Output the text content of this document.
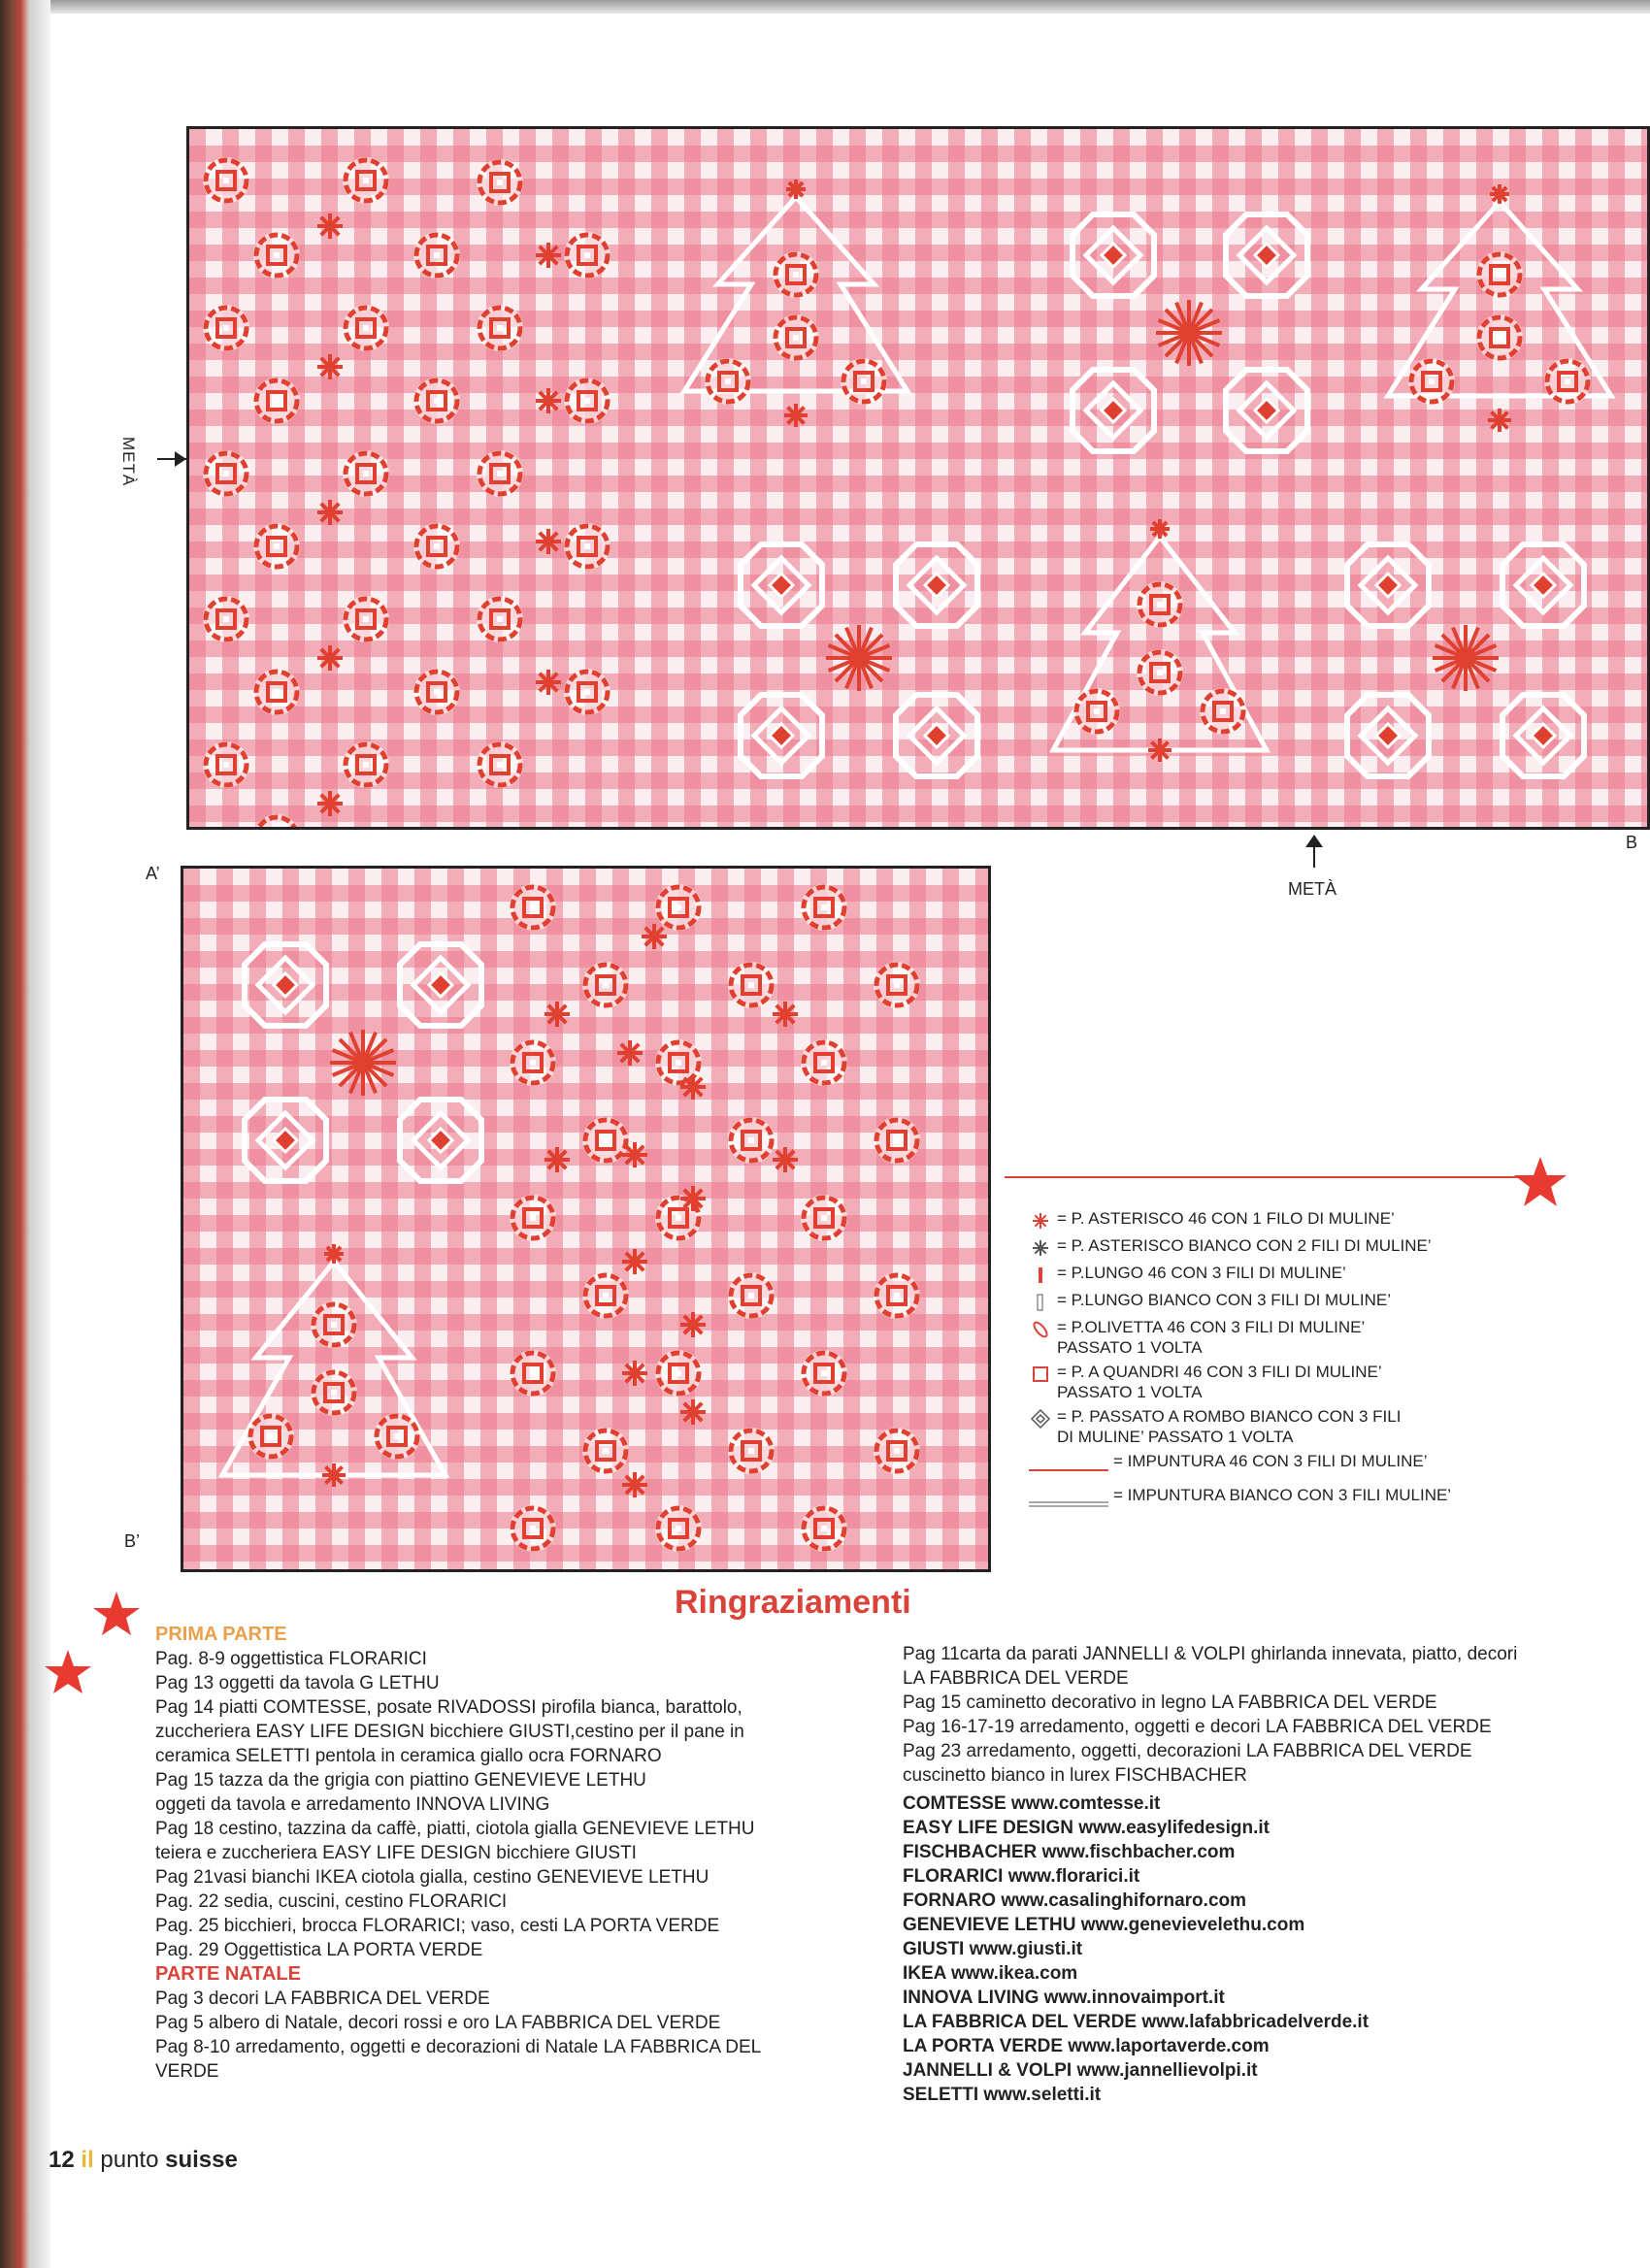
METÀ
METÀ
B
A’
B’
= P. ASTERISCO 46 CON 1 FILO DI MULINE’
= P. ASTERISCO BIANCO CON 2 FILI DI MULINE’
= P.LUNGO 46 CON 3 FILI DI MULINE’
= P.LUNGO BIANCO CON 3 FILI DI MULINE’
= P.OLIVETTA 46 CON 3 FILI DI MULINE’
PASSATO 1 VOLTA
= P. A QUANDRI 46 CON 3 FILI DI MULINE’
PASSATO 1 VOLTA
= P. PASSATO A ROMBO BIANCO CON 3 FILI
DI MULINE’ PASSATO 1 VOLTA
= IMPUNTURA 46 CON 3 FILI DI MULINE’
= IMPUNTURA BIANCO CON 3 FILI MULINE’
Ringraziamenti

PRIMA PARTE

Pag. 8-9 oggettistica FLORARICI

Pag 13 oggetti da tavola G LETHU

Pag 14 piatti COMTESSE, posate RIVADOSSI pirofila bianca, barattolo,

zuccheriera EASY LIFE DESIGN bicchiere GIUSTI,cestino per il pane in

ceramica SELETTI pentola in ceramica giallo ocra FORNARO

Pag 15 tazza da the grigia con piattino GENEVIEVE LETHU

oggeti da tavola e arredamento INNOVA LIVING

Pag 18 cestino, tazzina da caffè, piatti, ciotola gialla GENEVIEVE LETHU

teiera e zuccheriera EASY LIFE DESIGN bicchiere GIUSTI

Pag 21vasi bianchi IKEA ciotola gialla, cestino GENEVIEVE LETHU

Pag. 22 sedia, cuscini, cestino FLORARICI

Pag. 25 bicchieri, brocca FLORARICI; vaso, cesti LA PORTA VERDE

Pag. 29 Oggettistica LA PORTA VERDE

PARTE NATALE

Pag 3 decori LA FABBRICA DEL VERDE

Pag 5 albero di Natale, decori rossi e oro LA FABBRICA DEL VERDE

Pag 8-10 arredamento, oggetti e decorazioni di Natale LA FABBRICA DEL

VERDE

Pag 11carta da parati JANNELLI & VOLPI ghirlanda innevata, piatto, decori

LA FABBRICA DEL VERDE

Pag 15 caminetto decorativo in legno LA FABBRICA DEL VERDE

Pag 16-17-19 arredamento, oggetti e decori LA FABBRICA DEL VERDE

Pag 23 arredamento, oggetti, decorazioni LA FABBRICA DEL VERDE

cuscinetto bianco in lurex FISCHBACHER

COMTESSE www.comtesse.it

EASY LIFE DESIGN www.easylifedesign.it

FISCHBACHER www.fischbacher.com

FLORARICI www.florarici.it

FORNARO www.casalinghifornaro.com

GENEVIEVE LETHU www.genevievelethu.com

GIUSTI www.giusti.it

IKEA www.ikea.com

INNOVA LIVING www.innovaimport.it

LA FABBRICA DEL VERDE www.lafabbricadelverde.it

LA PORTA VERDE www.laportaverde.com

JANNELLI & VOLPI www.jannellievolpi.it

SELETTI www.seletti.it

12 il punto suisse
